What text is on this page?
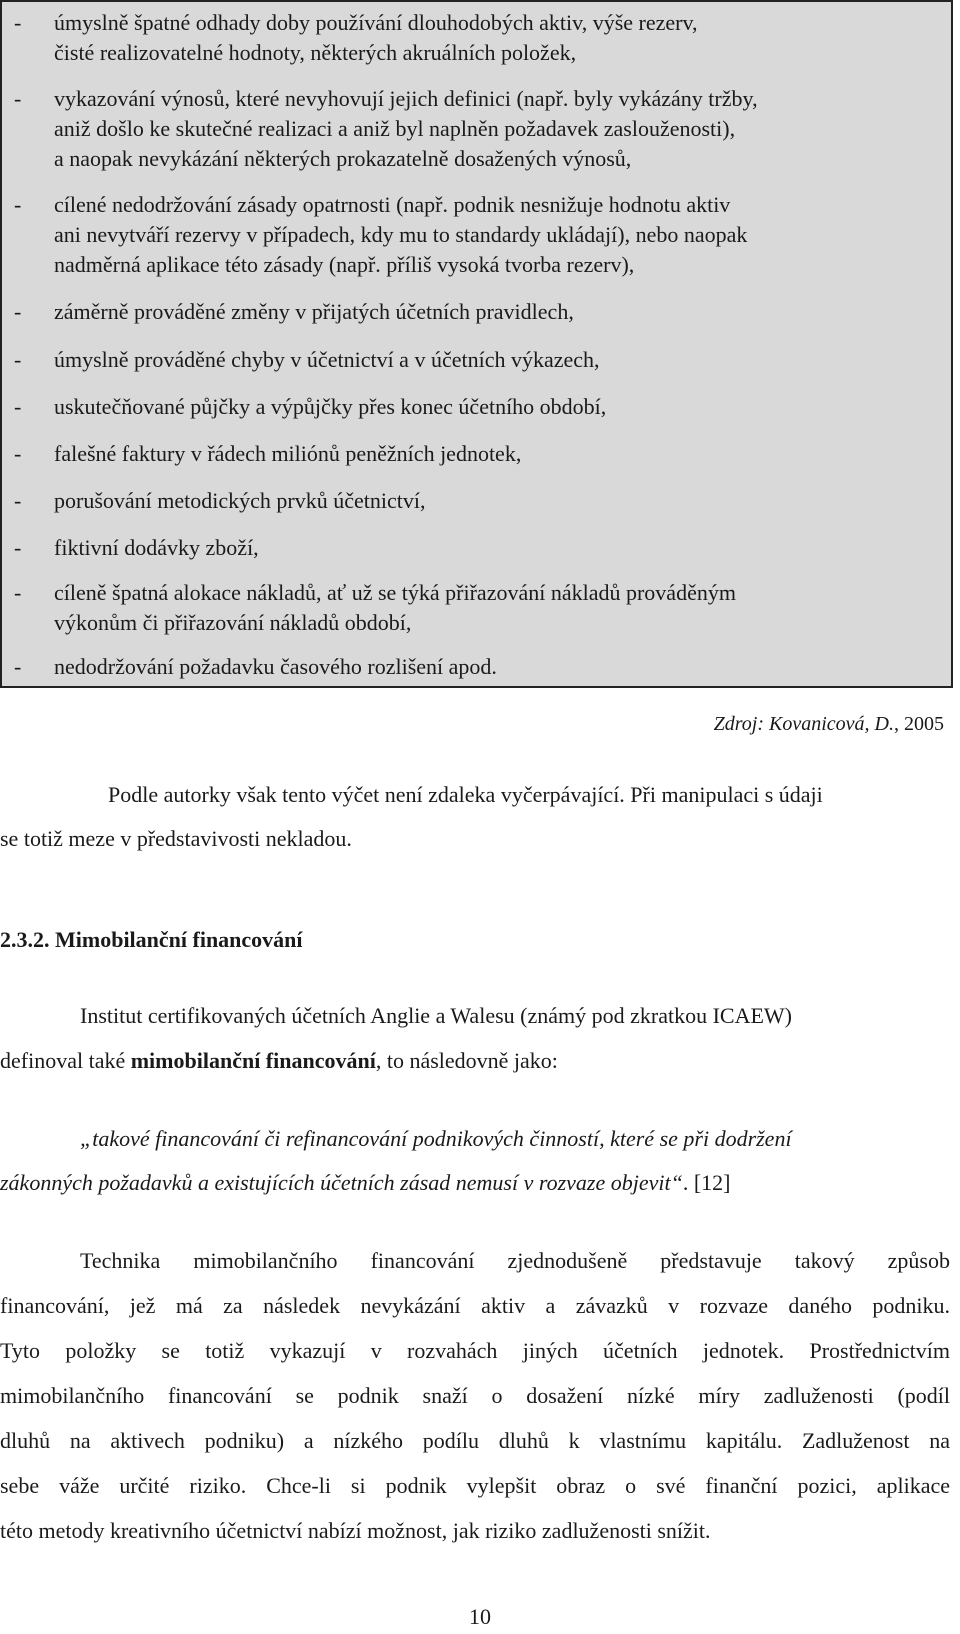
- úmyslně špatné odhady doby používání dlouhodobých aktiv, výše rezerv,
čisté realizovatelné hodnoty, některých akruálních položek,
- vykazování výnosů, které nevyhovují jejich definici (např. byly vykázány tržby,
aniž došlo ke skutečné realizaci a aniž byl naplněn požadavek zaslouženosti),
a naopak nevykázání některých prokazatelně dosažených výnosů,
- cílené nedodržování zásady opatrnosti (např. podnik nesnižuje hodnotu aktiv
ani nevytváří rezervy v případech, kdy mu to standardy ukládají), nebo naopak
nadměrná aplikace této zásady (např. příliš vysoká tvorba rezerv),
- záměrně prováděné změny v přijatých účetních pravidlech,
- úmyslně prováděné chyby v účetnictví a v účetních výkazech,
- uskutečňované půjčky a výpůjčky přes konec účetního období,
- falešné faktury v řádech miliónů peněžních jednotek,
- porušování metodických prvků účetnictví,
- fiktivní dodávky zboží,
- cíleně špatná alokace nákladů, ať už se týká přiřazování nákladů prováděným
výkonům či přiřazování nákladů období,
- nedodržování požadavku časového rozlišení apod.
Zdroj: Kovanicová, D., 2005
Podle autorky však tento výčet není zdaleka vyčerpávající. Při manipulaci s údaji
se totiž meze v představivosti nekladou.
2.3.2. Mimobilanční financování
Institut certifikovaných účetních Anglie a Walesu (známý pod zkratkou ICAEW)
definoval také mimobilanční financování, to následovně jako:
„takové financování či refinancování podnikových činností, které se při dodržení
zákonných požadavků a existujících účetních zásad nemusí v rozvaze objevit“. [12]
Technika mimobilančního financování zjednodušeně představuje takový způsob
financování, jež má za následek nevykázání aktiv a závazků v rozvaze daného podniku.
Tyto položky se totiž vykazují v rozvahách jiných účetních jednotek. Prostřednictvím
mimobilančního financování se podnik snaží o dosažení nízké míry zadluženosti (podíl
dluhů na aktivech podniku) a nízkého podílu dluhů k vlastnímu kapitálu. Zadluženost na
sebe váže určité riziko. Chce-li si podnik vylepšit obraz o své finanční pozici, aplikace
této metody kreativního účetnictví nabízí možnost, jak riziko zadluženosti snížit.
10
